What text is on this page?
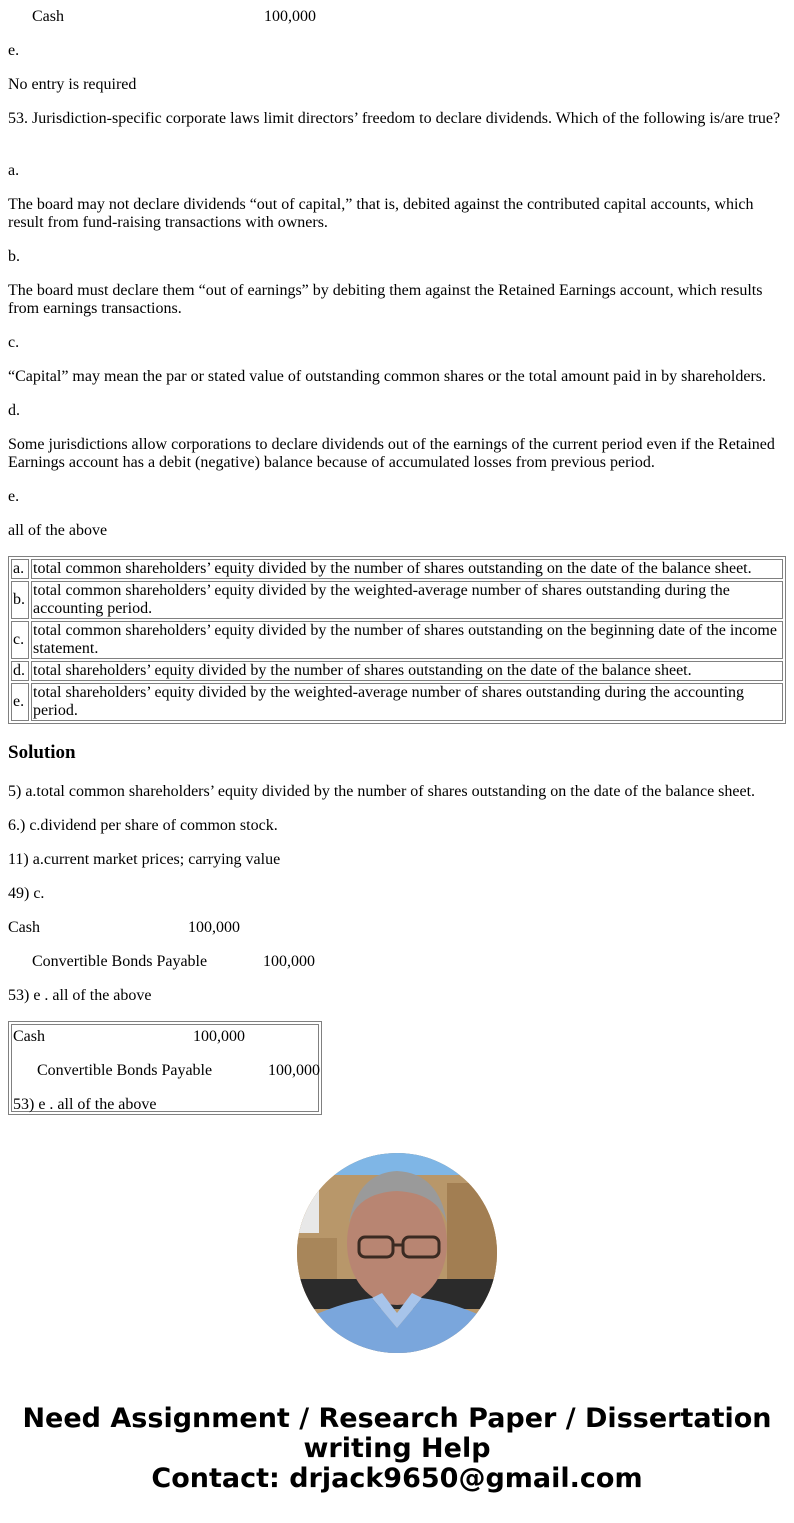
Cash	100,000

e.

No entry is required

53. Jurisdiction-specific corporate laws limit directors’ freedom to declare dividends. Which of the following is/are true?

a.

The board may not declare dividends “out of capital,” that is, debited against the contributed capital accounts, which result from fund-raising transactions with owners.

b.

The board must declare them “out of earnings” by debiting them against the Retained Earnings account, which results from earnings transactions.

c.

“Capital” may mean the par or stated value of outstanding common shares or the total amount paid in by shareholders.

d.

Some jurisdictions allow corporations to declare dividends out of the earnings of the current period even if the Retained Earnings account has a debit (negative) balance because of accumulated losses from previous period.

e.

all of the above

a.	total common shareholders’ equity divided by the number of shares outstanding on the date of the balance sheet.
b.	total common shareholders’ equity divided by the weighted-average number of shares outstanding during the accounting period.
c.	total common shareholders’ equity divided by the number of shares outstanding on the beginning date of the income statement.
d.	total shareholders’ equity divided by the number of shares outstanding on the date of the balance sheet.
e.	total shareholders’ equity divided by the weighted-average number of shares outstanding during the accounting period.
Solution

5) a.total common shareholders’ equity divided by the number of shares outstanding on the date of the balance sheet.

6.) c.dividend per share of common stock.

11) a.current market prices; carrying value

49) c.

Cash	100,000
Convertible Bonds Payable	100,000

53) e . all of the above

Cash	100,000
Convertible Bonds Payable	100,000
53) e . all of the above
Need Assignment / Research Paper / Dissertation
writing Help
Contact: drjack9650@gmail.com
